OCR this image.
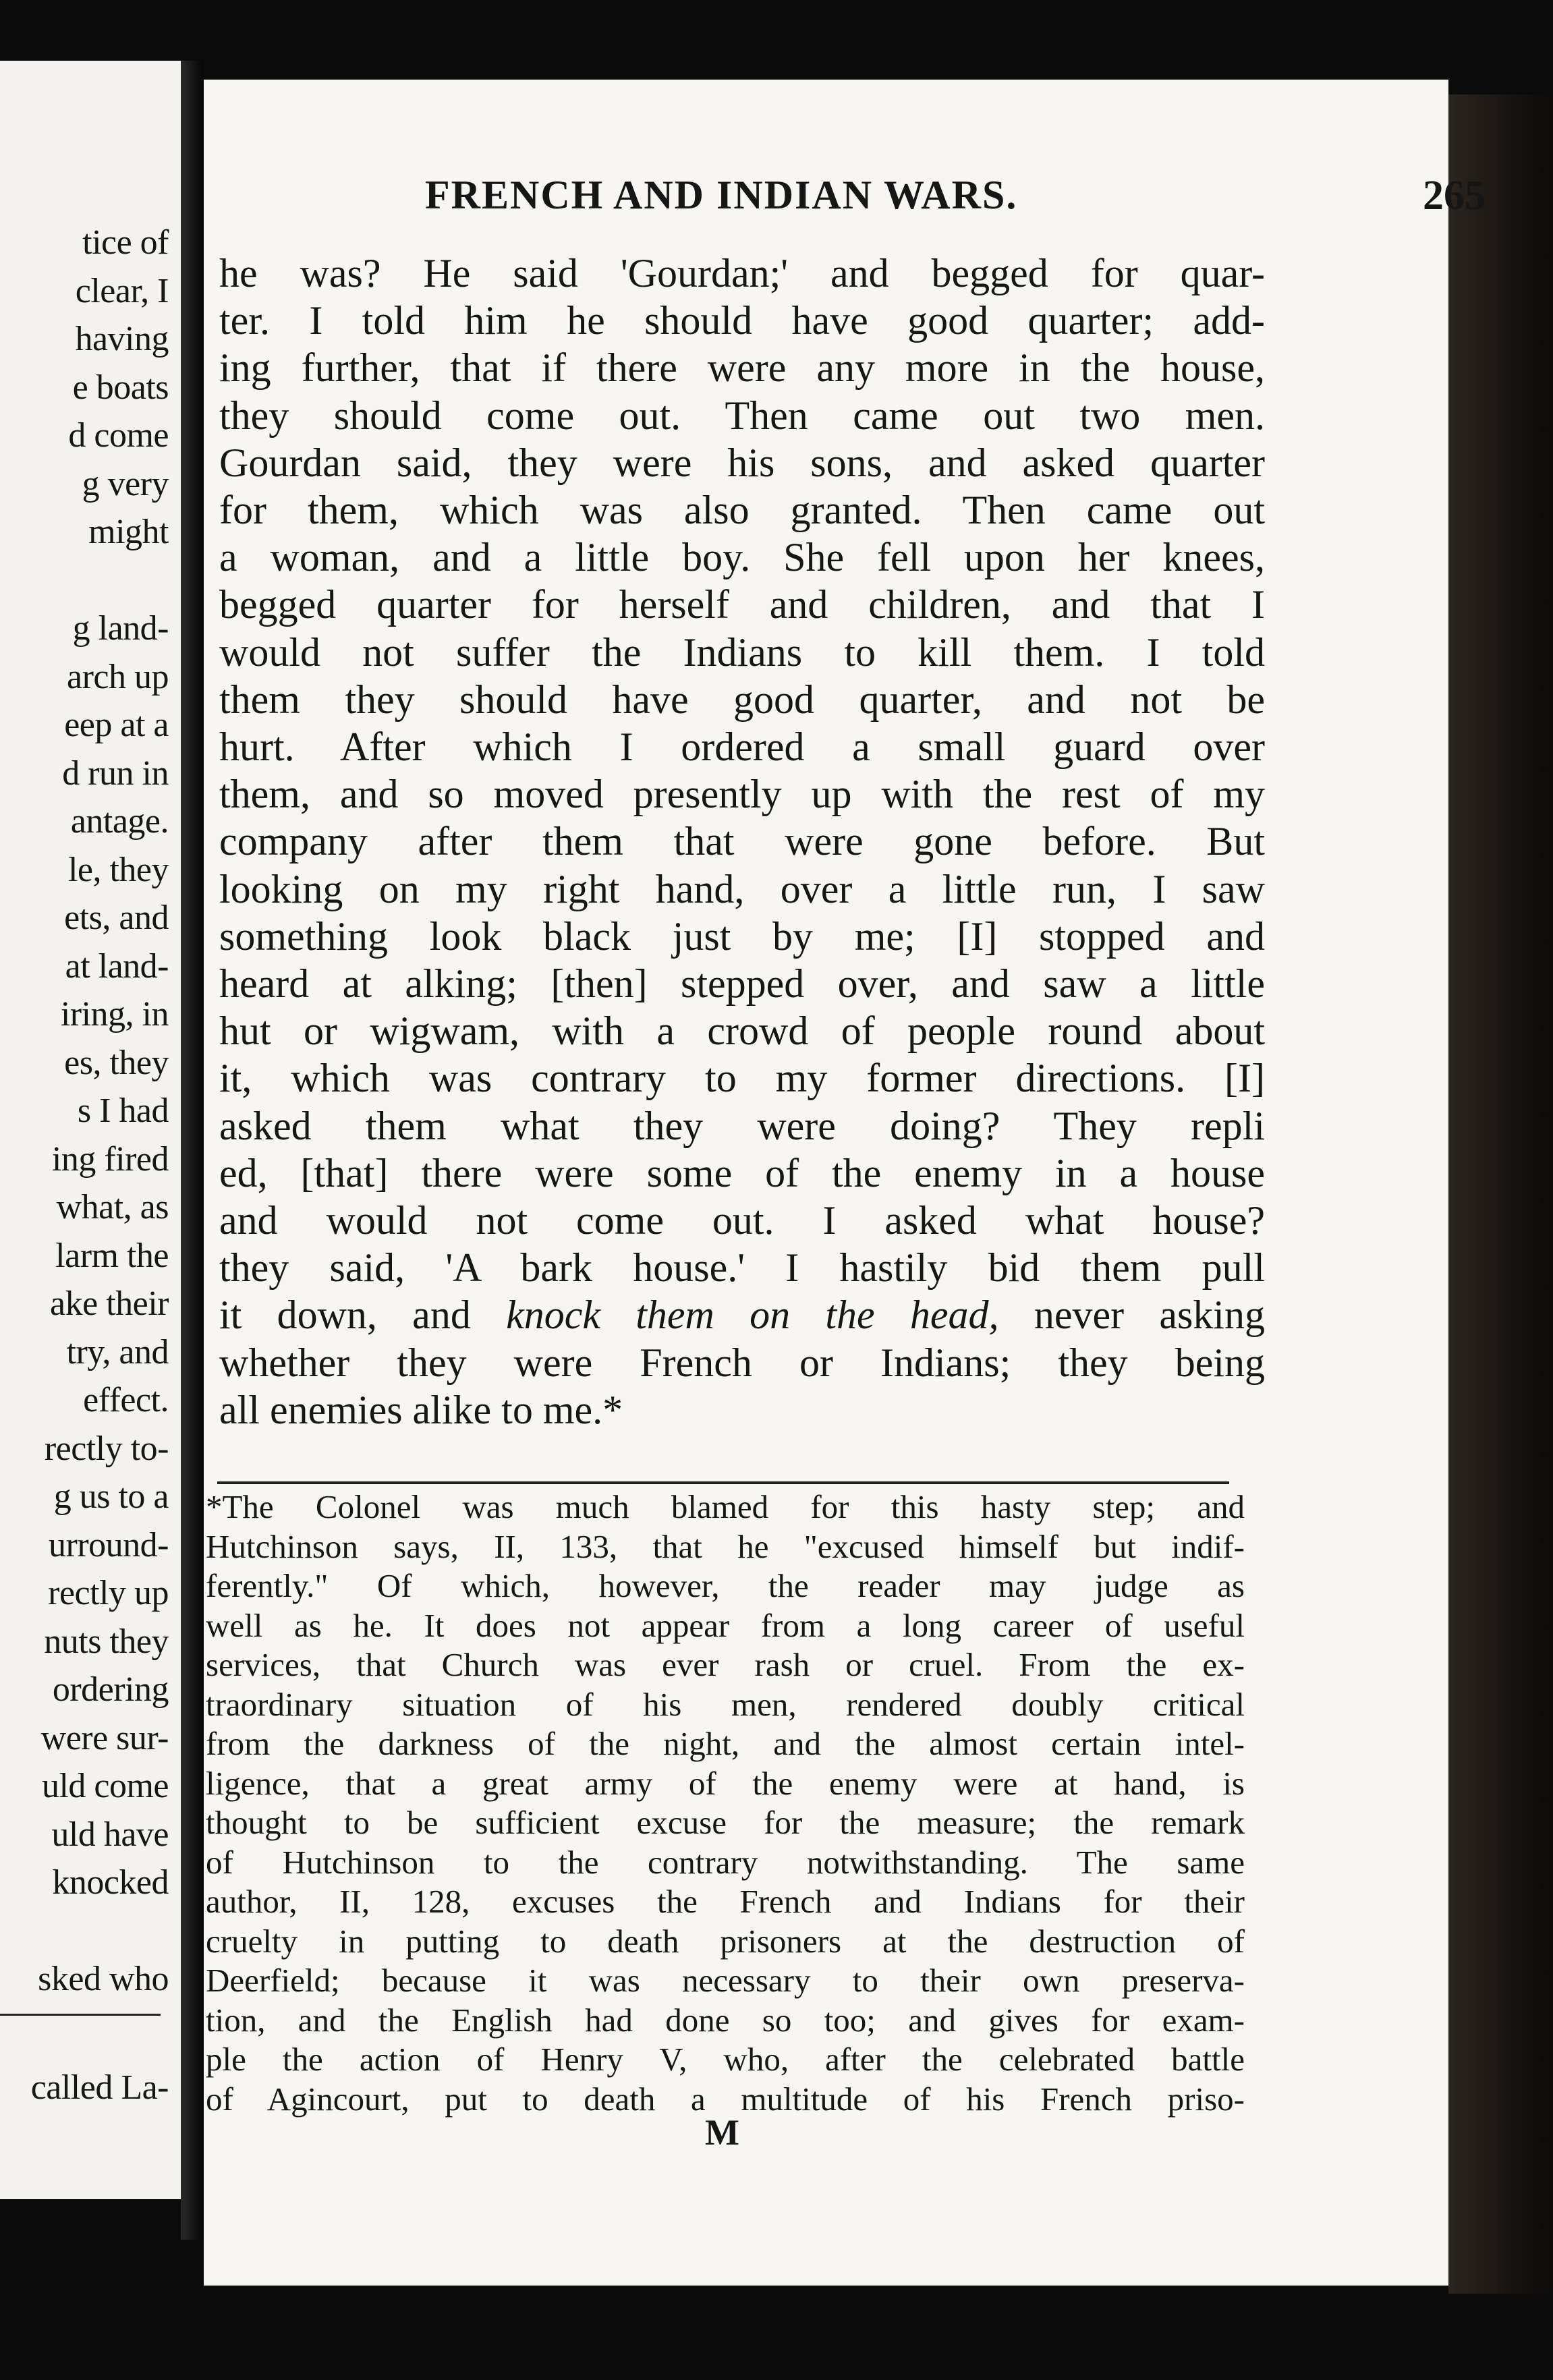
called La-
tice of
clear, I
having
e boats
d come
g very
might
g land-
arch up
eep at a
d run in
antage.
le, they
ets, and
at land-
iring, in
es, they
s I had
ing fired
what, as
larm the
ake their
try, and
effect.
rectly to-
g us to a
urround-
rectly up
nuts they
ordering
were sur-
uld come
uld have
knocked
sked who
FRENCH AND INDIAN WARS.	265
he was? He said 'Gourdan;' and begged for quar-
ter. I told him he should have good quarter; add-
ing further, that if there were any more in the house,
they should come out. Then came out two men.
Gourdan said, they were his sons, and asked quarter
for them, which was also granted. Then came out
a woman, and a little boy. She fell upon her knees,
begged quarter for herself and children, and that I
would not suffer the Indians to kill them. I told
them they should have good quarter, and not be
hurt. After which I ordered a small guard over
them, and so moved presently up with the rest of my
company after them that were gone before. But
looking on my right hand, over a little run, I saw
something look black just by me; [I] stopped and
heard at alking; [then] stepped over, and saw a little
hut or wigwam, with a crowd of people round about
it, which was contrary to my former directions. [I]
asked them what they were doing? They repli
ed, [that] there were some of the enemy in a house
and would not come out. I asked what house?
they said, 'A bark house.' I hastily bid them pull
it down, and knock them on the head, never asking
whether they were French or Indians; they being
all enemies alike to me.*
*The Colonel was much blamed for this hasty step; and
Hutchinson says, II, 133, that he "excused himself but indif-
ferently." Of which, however, the reader may judge as
well as he. It does not appear from a long career of useful
services, that Church was ever rash or cruel. From the ex-
traordinary situation of his men, rendered doubly critical
from the darkness of the night, and the almost certain intel-
ligence, that a great army of the enemy were at hand, is
thought to be sufficient excuse for the measure; the remark
of Hutchinson to the contrary notwithstanding. The same
author, II, 128, excuses the French and Indians for their
cruelty in putting to death prisoners at the destruction of
Deerfield; because it was necessary to their own preserva-
tion, and the English had done so too; and gives for exam-
ple the action of Henry V, who, after the celebrated battle
of Agincourt, put to death a multitude of his French priso-
M
